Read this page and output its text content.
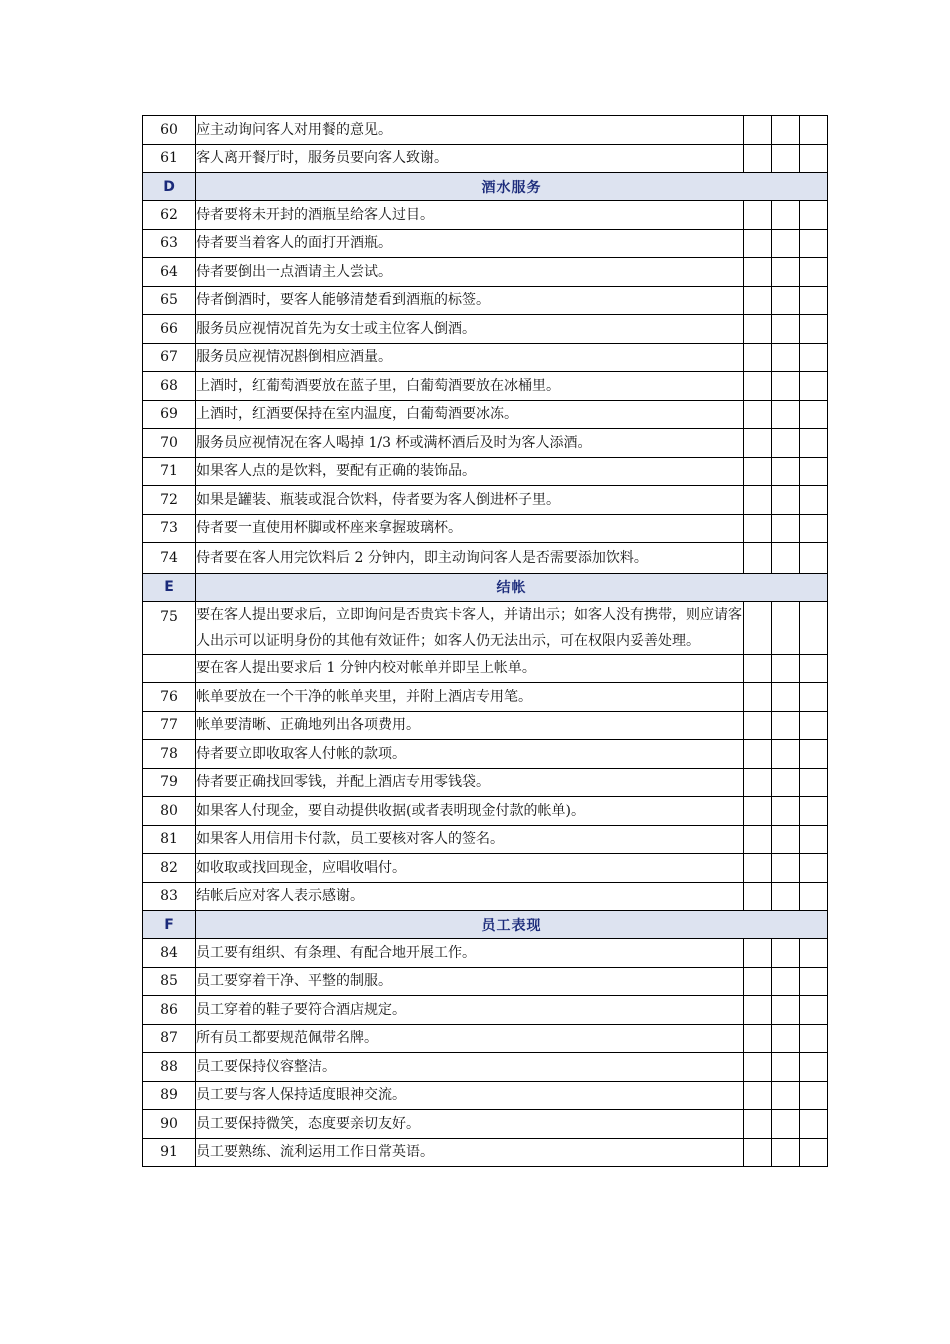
60	应主动询问客人对用餐的意见。			
61	客人离开餐厅时，服务员要向客人致谢。			
D	酒水服务			
62	侍者要将未开封的酒瓶呈给客人过目。			
63	侍者要当着客人的面打开酒瓶。			
64	侍者要倒出一点酒请主人尝试。			
65	侍者倒酒时，要客人能够清楚看到酒瓶的标签。			
66	服务员应视情况首先为女士或主位客人倒酒。			
67	服务员应视情况斟倒相应酒量。			
68	上酒时，红葡萄酒要放在蓝子里，白葡萄酒要放在冰桶里。			
69	上酒时，红酒要保持在室内温度，白葡萄酒要冰冻。			
70	服务员应视情况在客人喝掉 1/3 杯或满杯酒后及时为客人添酒。			
71	如果客人点的是饮料，要配有正确的装饰品。			
72	如果是罐装、瓶装或混合饮料，侍者要为客人倒进杯子里。			
73	侍者要一直使用杯脚或杯座来拿握玻璃杯。			
74	侍者要在客人用完饮料后 2 分钟内，即主动询问客人是否需要添加饮料。			
E	结帐			
75	要在客人提出要求后，立即询问是否贵宾卡客人，并请出示；如客人没有携带，则应请客人出示可以证明身份的其他有效证件；如客人仍无法出示，可在权限内妥善处理。			
	要在客人提出要求后 1 分钟内校对帐单并即呈上帐单。			
76	帐单要放在一个干净的帐单夹里，并附上酒店专用笔。			
77	帐单要清晰、正确地列出各项费用。			
78	侍者要立即收取客人付帐的款项。			
79	侍者要正确找回零钱，并配上酒店专用零钱袋。			
80	如果客人付现金，要自动提供收据(或者表明现金付款的帐单)。			
81	如果客人用信用卡付款，员工要核对客人的签名。			
82	如收取或找回现金，应唱收唱付。			
83	结帐后应对客人表示感谢。			
F	员工表现			
84	员工要有组织、有条理、有配合地开展工作。			
85	员工要穿着干净、平整的制服。			
86	员工穿着的鞋子要符合酒店规定。			
87	所有员工都要规范佩带名牌。			
88	员工要保持仪容整洁。			
89	员工要与客人保持适度眼神交流。			
90	员工要保持微笑，态度要亲切友好。			
91	员工要熟练、流利运用工作日常英语。			
